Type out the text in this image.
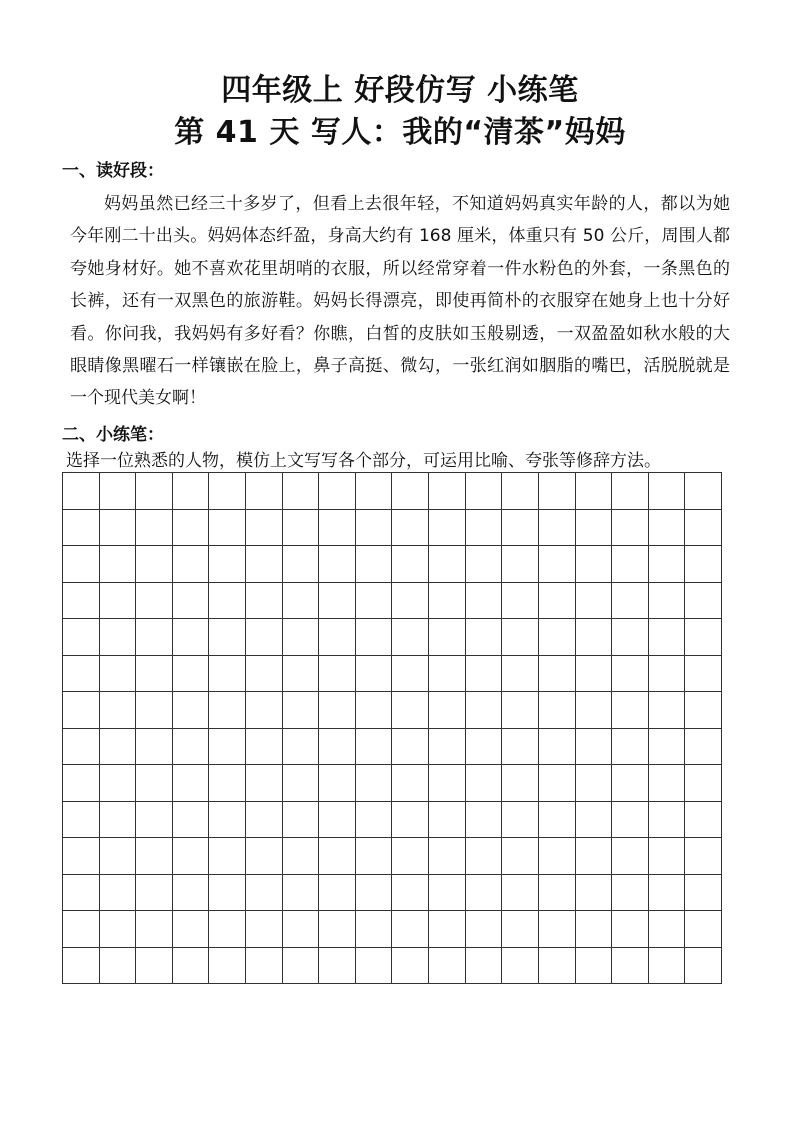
四年级上 好段仿写 小练笔
第 41 天 写人：我的“清茶”妈妈
一、读好段：

妈妈虽然已经三十多岁了，但看上去很年轻，不知道妈妈真实年龄的人，都以为她今年刚二十出头。妈妈体态纤盈，身高大约有 168 厘米，体重只有 50 公斤，周围人都夸她身材好。她不喜欢花里胡哨的衣服，所以经常穿着一件水粉色的外套，一条黑色的长裤，还有一双黑色的旅游鞋。妈妈长得漂亮，即使再简朴的衣服穿在她身上也十分好看。你问我，我妈妈有多好看？你瞧，白皙的皮肤如玉般剔透，一双盈盈如秋水般的大眼睛像黑曜石一样镶嵌在脸上，鼻子高挺、微勾，一张红润如胭脂的嘴巴，活脱脱就是一个现代美女啊！

二、小练笔：
选择一位熟悉的人物，模仿上文写写各个部分，可运用比喻、夸张等修辞方法。
